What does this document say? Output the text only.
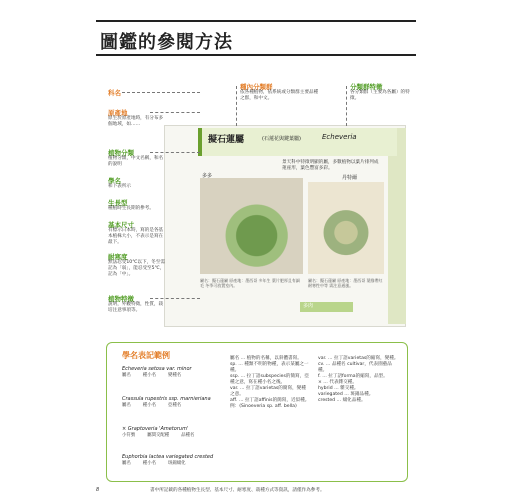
圖鑑的參閱方法
擬石蓮屬	(石蓮花與鍵葉屬)	Echeveria
景天科中特徵明顯的屬，多數植物以葉片排列成蓮座形，葉色豐富多彩。
多多	丹特爾
屬名：擬石蓮屬 原產地：墨西哥 多年生 葉片肥厚且有細毛 冬季可放置室內。
屬名：擬石蓮屬 原產地：墨西哥 葉緣帶紅 耐寒性中等 需注意通風。
多肉
科名
原產地
原生於原產地時，有分布多個地域，如……
植物分類
植物分類，中文名稱，和名的說明
學名
和下表所示
生長型
種植時生長期的參考。
基本尺寸
有標示日本時，寫的是各基本植株大小，不表示是寫在最下。
耐寒度
無法忍受10℃以下，冬至需記為「弱」，能忍受至5℃，記為「中」。
植物特徵
說明，外觀特徵，性質，栽培注意事項等。
種內分類群
依各種植物，依系統或分類群主要品種之群，和中文。
分類群特徵
各分類群（主要為各屬）的特徵。
學名表記範例
Echeveria setosa var. minor
屬名	種小名	變種名
Crassula rupestris ssp. marnieriana
屬名	種小名	亞種名
× Graptoveria 'Ametorum'
小符號	屬間交配種	品種名
Euphorbia lactea variegated crested
屬名	種小名	斑錦綴化
屬名 … 植物的名稱，以斜體書寫。
sp. … 種類不明的物種，表示某屬之一種。
ssp. … 拉丁語subspecies的簡寫，亞種之意，寫在種小名之後。
var. … 拉丁語varietas的簡寫，變種之意。
aff. … 拉丁語affinis的簡寫，近似種。例：(Sinoeveria sp. aff. bella)
var. … 拉丁語varietas的縮寫，變種。
cv. … 品種名 cultivar，代表園藝品種。
f. … 拉丁語forma的縮寫，品型。
× … 代表雜交種。
hybrid … 雜交種。
variegated … 斑錦品種。
crested … 綴化品種。
書中所記載的各種植物生長型、基本尺寸、耐寒度、栽種方式等資訊，請僅作為參考。
8
